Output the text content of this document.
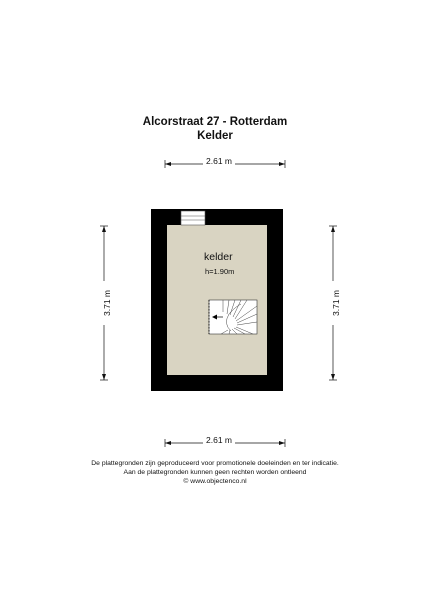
Alcorstraat 27 - Rotterdam
Kelder
2.61 m
2.61 m
3.71 m	3.71 m
kelder
h=1.90m
De plattegronden zijn geproduceerd voor promotionele doeleinden en ter indicatie.
Aan de plattegronden kunnen geen rechten worden ontleend
© www.objectenco.nl
